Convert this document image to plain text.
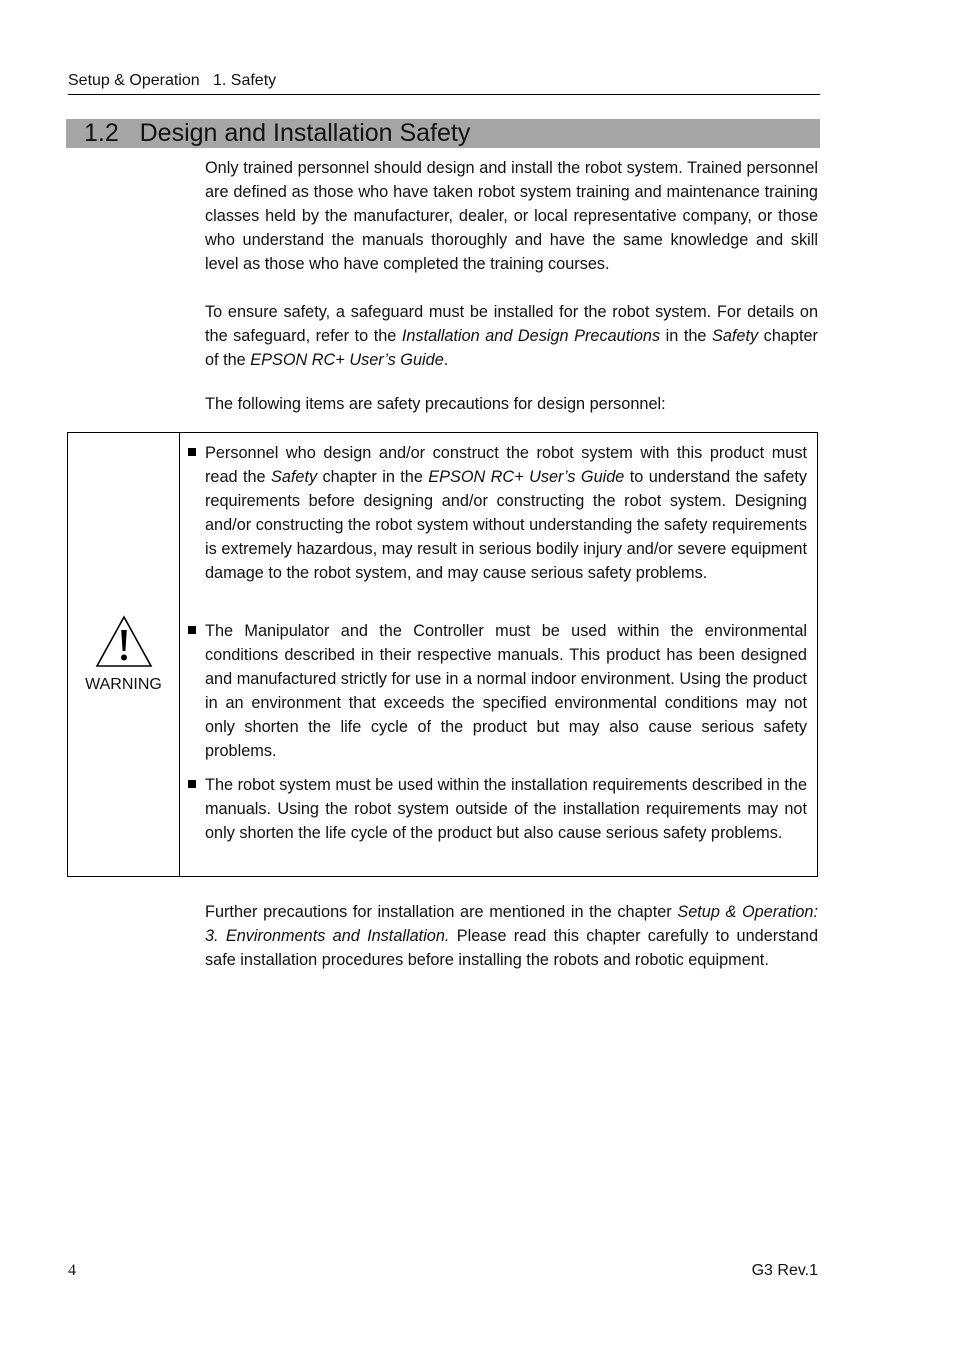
Setup & Operation 1. Safety
1.2 Design and Installation Safety
Only trained personnel should design and install the robot system. Trained personnel are defined as those who have taken robot system training and maintenance training classes held by the manufacturer, dealer, or local representative company, or those who understand the manuals thoroughly and have the same knowledge and skill level as those who have completed the training courses.
To ensure safety, a safeguard must be installed for the robot system. For details on the safeguard, refer to the Installation and Design Precautions in the Safety chapter of the EPSON RC+ User’s Guide.
The following items are safety precautions for design personnel:
WARNING
Personnel who design and/or construct the robot system with this product must read the Safety chapter in the EPSON RC+ User’s Guide to understand the safety requirements before designing and/or constructing the robot system. Designing and/or constructing the robot system without understanding the safety requirements is extremely hazardous, may result in serious bodily injury and/or severe equipment damage to the robot system, and may cause serious safety problems.
The Manipulator and the Controller must be used within the environmental conditions described in their respective manuals. This product has been designed and manufactured strictly for use in a normal indoor environment. Using the product in an environment that exceeds the specified environmental conditions may not only shorten the life cycle of the product but may also cause serious safety problems.
The robot system must be used within the installation requirements described in the manuals. Using the robot system outside of the installation requirements may not only shorten the life cycle of the product but also cause serious safety problems.
Further precautions for installation are mentioned in the chapter Setup & Operation: 3. Environments and Installation. Please read this chapter carefully to understand safe installation procedures before installing the robots and robotic equipment.
4	G3 Rev.1
